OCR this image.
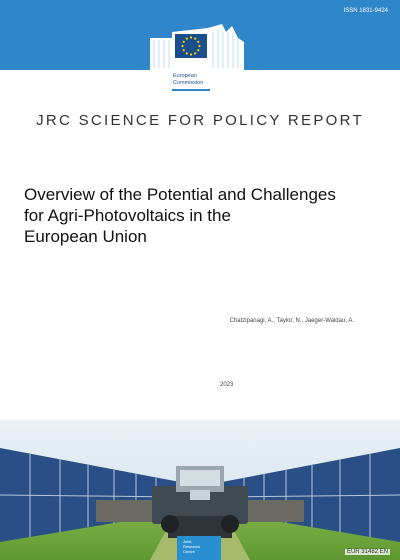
ISSN 1831-9424
European
Commission
JRC SCIENCE FOR POLICY REPORT
Overview of the Potential and Challenges
for Agri-Photovoltaics in the
European Union
Chatzipanagi, A., Taylor, N., Jaeger-Waldau, A.
2023
Joint
Research
Centre	EUR 31482 EN
